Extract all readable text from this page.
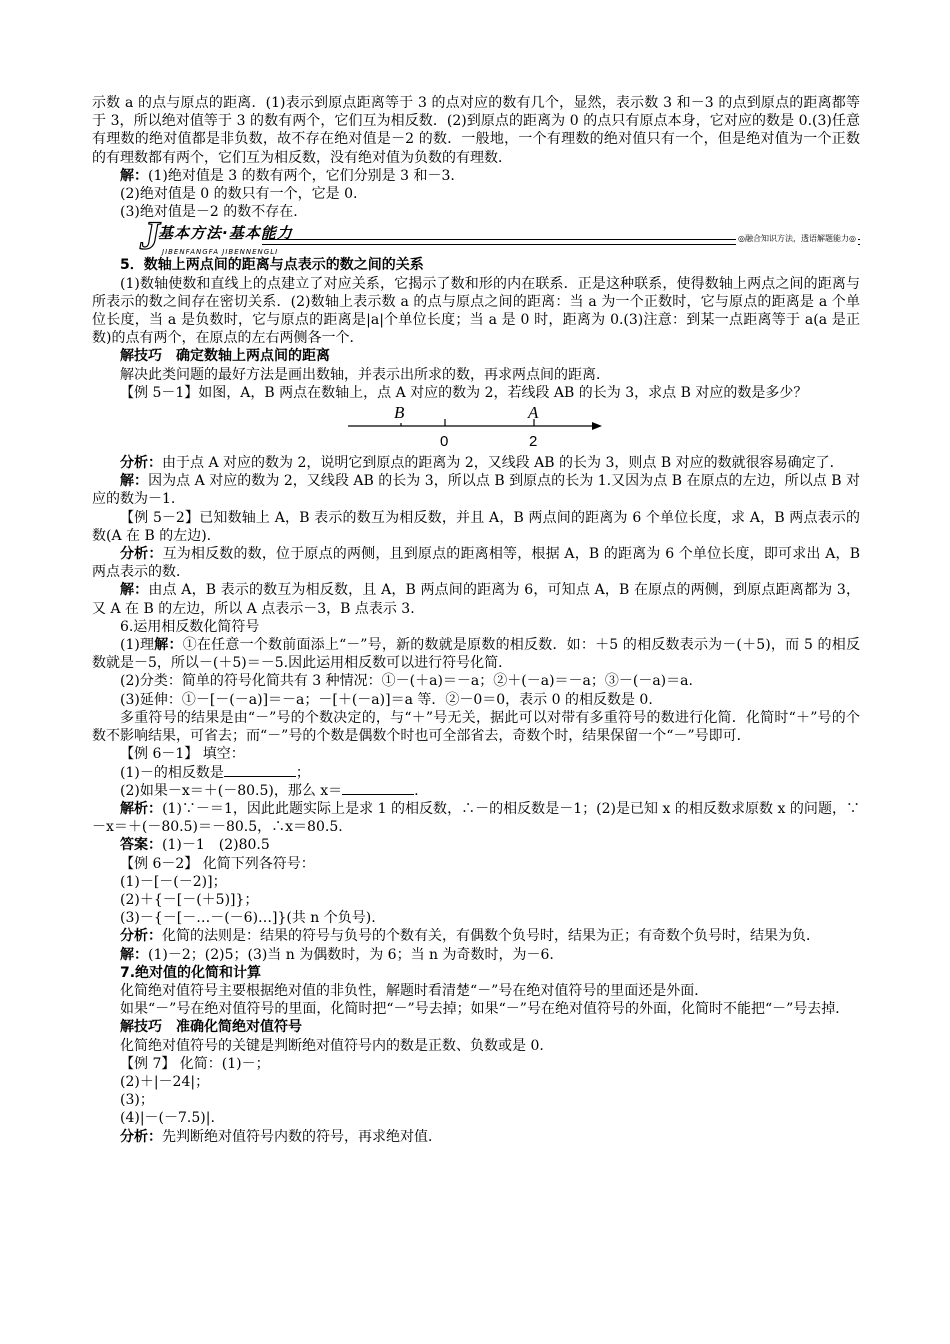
示数 a 的点与原点的距离．(1)表示到原点距离等于 3 的点对应的数有几个，显然，表示数 3 和－3 的点到原点的距离都等于 3，所以绝对值等于 3 的数有两个，它们互为相反数．(2)到原点的距离为 0 的点只有原点本身，它对应的数是 0.(3)任意有理数的绝对值都是非负数，故不存在绝对值是－2 的数．一般地，一个有理数的绝对值只有一个，但是绝对值为一个正数的有理数都有两个，它们互为相反数，没有绝对值为负数的有理数．

解：(1)绝对值是 3 的数有两个，它们分别是 3 和－3.

(2)绝对值是 0 的数只有一个，它是 0.

(3)绝对值是－2 的数不存在.

J
基本方法·基本能力
JIBENFANGFA JIBENNENGLI
◎融合知识方法，透语解题能力◎

5．数轴上两点间的距离与点表示的数之间的关系

(1)数轴使数和直线上的点建立了对应关系，它揭示了数和形的内在联系．正是这种联系，使得数轴上两点之间的距离与所表示的数之间存在密切关系．(2)数轴上表示数 a 的点与原点之间的距离：当 a 为一个正数时，它与原点的距离是 a 个单位长度，当 a 是负数时，它与原点的距离是|a|个单位长度；当 a 是 0 时，距离为 0.(3)注意：到某一点距离等于 a(a 是正数)的点有两个，在原点的左右两侧各一个．

解技巧　确定数轴上两点间的距离

解决此类问题的最好方法是画出数轴，并表示出所求的数，再求两点间的距离．

【例 5－1】如图，A，B 两点在数轴上，点 A 对应的数为 2，若线段 AB 的长为 3，求点 B 对应的数是多少？

0	2
B	A

分析：由于点 A 对应的数为 2，说明它到原点的距离为 2，又线段 AB 的长为 3，则点 B 对应的数就很容易确定了．

解：因为点 A 对应的数为 2，又线段 AB 的长为 3，所以点 B 到原点的长为 1.又因为点 B 在原点的左边，所以点 B 对应的数为－1.

【例 5－2】已知数轴上 A，B 表示的数互为相反数，并且 A，B 两点间的距离为 6 个单位长度，求 A，B 两点表示的数(A 在 B 的左边).

分析：互为相反数的数，位于原点的两侧，且到原点的距离相等，根据 A，B 的距离为 6 个单位长度，即可求出 A，B 两点表示的数．

解：由点 A，B 表示的数互为相反数，且 A，B 两点间的距离为 6，可知点 A，B 在原点的两侧，到原点距离都为 3，又 A 在 B 的左边，所以 A 点表示－3，B 点表示 3.

6.运用相反数化简符号

(1)理解：①在任意一个数前面添上“－”号，新的数就是原数的相反数．如：＋5 的相反数表示为－(＋5)，而 5 的相反数就是－5，所以－(＋5)＝－5.因此运用相反数可以进行符号化简．

(2)分类：简单的符号化简共有 3 种情况：①－(＋a)＝－a；②＋(－a)＝－a；③－(－a)＝a.

(3)延伸：①－[－(－a)]＝－a；－[＋(－a)]＝a 等．②－0＝0，表示 0 的相反数是 0.

多重符号的结果是由“－”号的个数决定的，与“＋”号无关，据此可以对带有多重符号的数进行化简．化简时“＋”号的个数不影响结果，可省去；而“－”号的个数是偶数个时也可全部省去，奇数个时，结果保留一个“－”号即可．

【例 6－1】 填空：

(1)－的相反数是	；

(2)如果－x＝＋(－80.5)，那么 x＝	.

解析：(1)∵－＝1，因此此题实际上是求 1 的相反数，∴－的相反数是－1；(2)是已知 x 的相反数求原数 x 的问题，∵－x＝＋(－80.5)＝－80.5，∴x＝80.5.

答案：(1)－1　(2)80.5

【例 6－2】 化简下列各符号：

(1)－[－(－2)]；

(2)＋{－[－(＋5)]}；

(3)－{－[－…－(－6)…]}(共 n 个负号).

分析：化简的法则是：结果的符号与负号的个数有关，有偶数个负号时，结果为正；有奇数个负号时，结果为负．

解：(1)－2；(2)5；(3)当 n 为偶数时，为 6；当 n 为奇数时，为－6.

7.绝对值的化简和计算

化简绝对值符号主要根据绝对值的非负性，解题时看清楚“－”号在绝对值符号的里面还是外面．

如果“－”号在绝对值符号的里面，化简时把“－”号去掉；如果“－”号在绝对值符号的外面，化简时不能把“－”号去掉．

解技巧　准确化简绝对值符号

化简绝对值符号的关键是判断绝对值符号内的数是正数、负数或是 0.

【例 7】 化简：(1)－；

(2)＋|－24|；

(3)；

(4)|－(－7.5)|.

分析：先判断绝对值符号内数的符号，再求绝对值．
